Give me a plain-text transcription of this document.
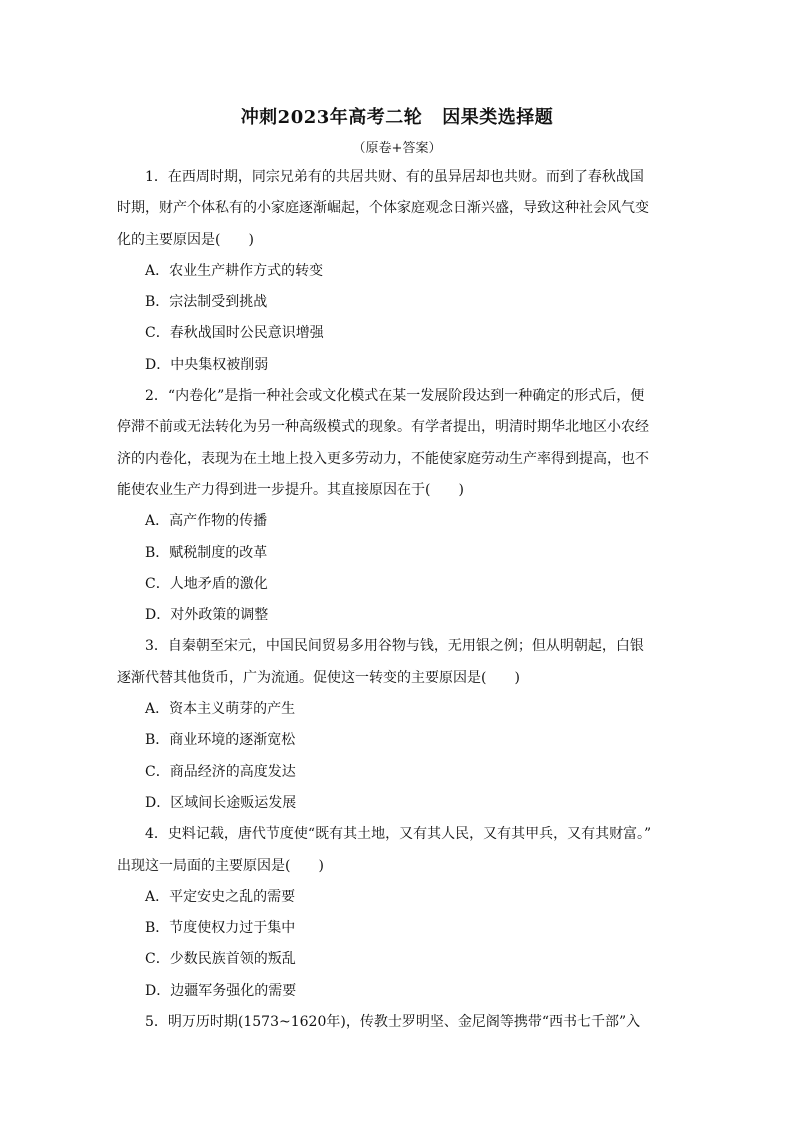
冲刺2023年高考二轮 因果类选择题
（原卷+答案）
1．在西周时期，同宗兄弟有的共居共财、有的虽异居却也共财。而到了春秋战国
时期，财产个体私有的小家庭逐渐崛起，个体家庭观念日渐兴盛，导致这种社会风气变
化的主要原因是(　　)
A．农业生产耕作方式的转变
B．宗法制受到挑战
C．春秋战国时公民意识增强
D．中央集权被削弱
2．“内卷化”是指一种社会或文化模式在某一发展阶段达到一种确定的形式后，便
停滞不前或无法转化为另一种高级模式的现象。有学者提出，明清时期华北地区小农经
济的内卷化，表现为在土地上投入更多劳动力，不能使家庭劳动生产率得到提高，也不
能使农业生产力得到进一步提升。其直接原因在于(　　)
A．高产作物的传播
B．赋税制度的改革
C．人地矛盾的激化
D．对外政策的调整
3．自秦朝至宋元，中国民间贸易多用谷物与钱，无用银之例；但从明朝起，白银
逐渐代替其他货币，广为流通。促使这一转变的主要原因是(　　)
A．资本主义萌芽的产生
B．商业环境的逐渐宽松
C．商品经济的高度发达
D．区域间长途贩运发展
4．史料记载，唐代节度使“既有其土地，又有其人民，又有其甲兵，又有其财富。”
出现这一局面的主要原因是(　　)
A．平定安史之乱的需要
B．节度使权力过于集中
C．少数民族首领的叛乱
D．边疆军务强化的需要
5．明万历时期(1573~1620年)，传教士罗明坚、金尼阁等携带“西书七千部”入
